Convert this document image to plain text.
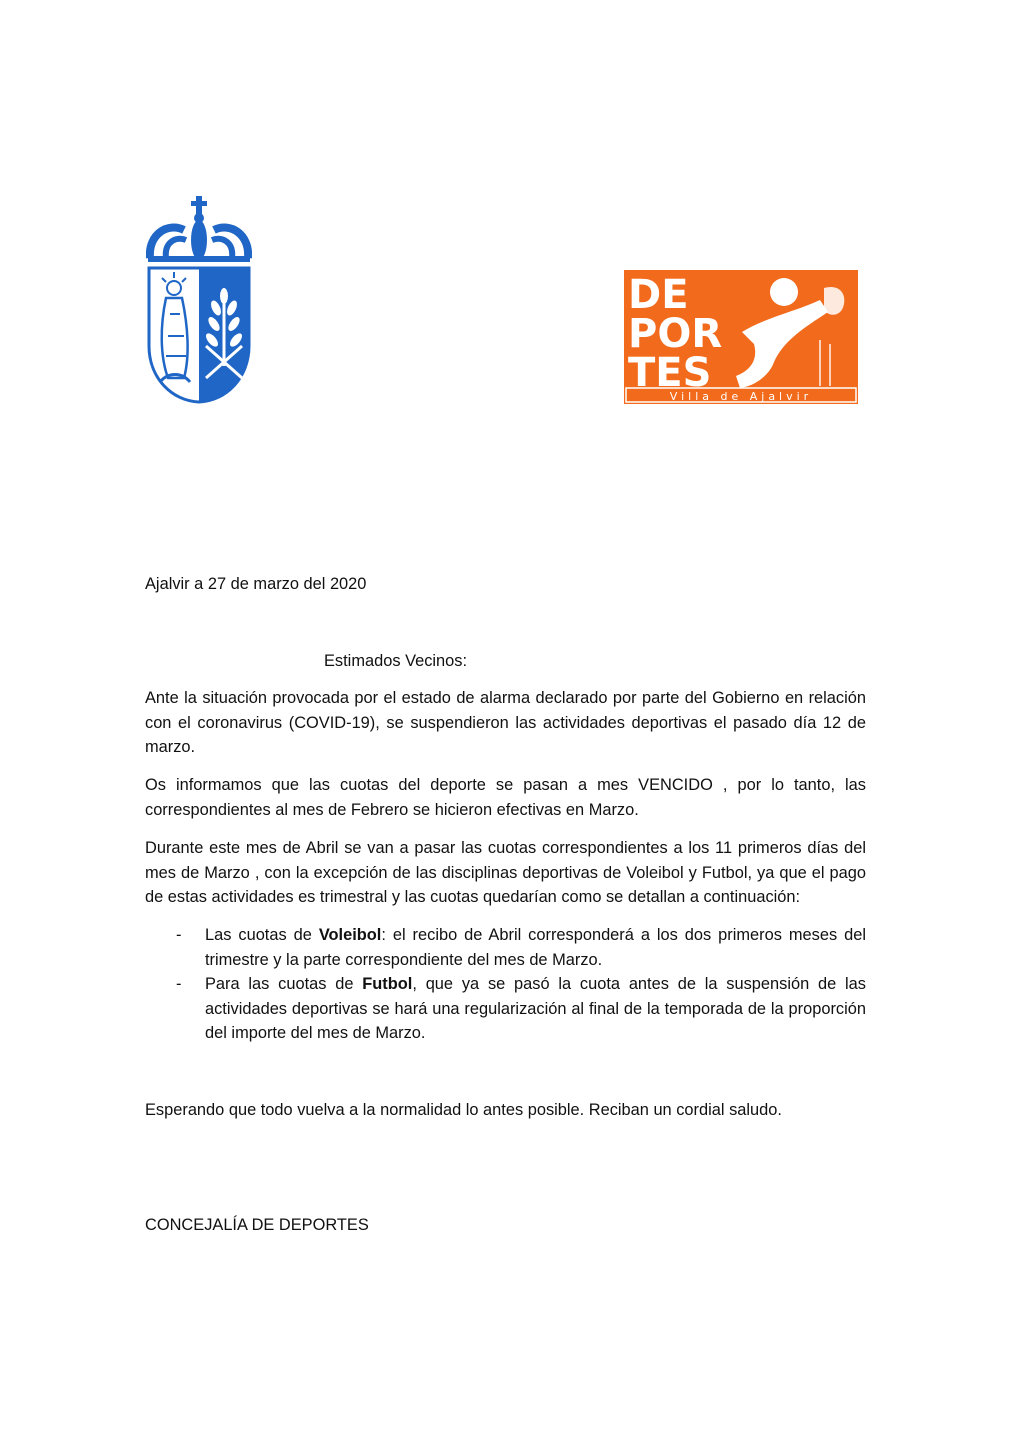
DE
POR
TES
Villa de Ajalvir

Ajalvir a 27 de marzo del 2020

Estimados Vecinos:

Ante la situación provocada por el estado de alarma declarado por parte del Gobierno en relación con el coronavirus (COVID-19), se suspendieron las actividades deportivas el pasado día 12 de marzo.

Os informamos que las cuotas del deporte se pasan a mes VENCIDO , por lo tanto, las correspondientes al mes de Febrero se hicieron efectivas en Marzo.

Durante este mes de Abril se van a pasar las cuotas correspondientes a los 11 primeros días del mes de Marzo , con la excepción de las disciplinas deportivas de Voleibol y Futbol, ya que el pago de estas actividades es trimestral y las cuotas quedarían como se detallan a continuación:

- Las cuotas de Voleibol: el recibo de Abril corresponderá a los dos primeros meses del trimestre y la parte correspondiente del mes de Marzo.
- Para las cuotas de Futbol, que ya se pasó la cuota antes de la suspensión de las actividades deportivas se hará una regularización al final de la temporada de la proporción del importe del mes de Marzo.

Esperando que todo vuelva a la normalidad lo antes posible. Reciban un cordial saludo.

CONCEJALÍA DE DEPORTES
